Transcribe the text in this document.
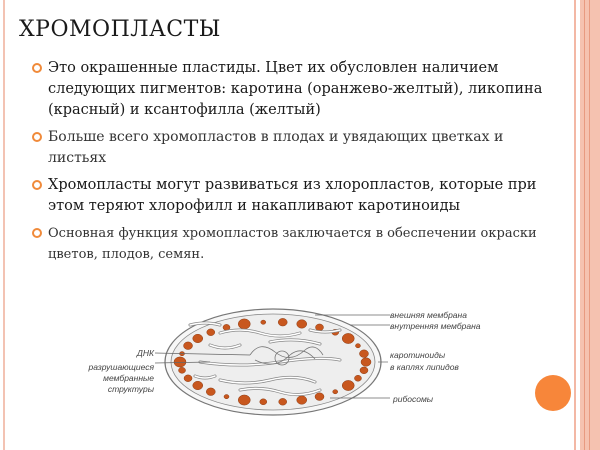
ХРОМОПЛАСТЫ
Это окрашенные пластиды. Цвет их обусловлен наличием следующих пигментов: каротина (оранжево-желтый), ликопина (красный) и ксантофилла (желтый)
Больше всего хромопластов в плодах и увядающих цветках и листьях
Хромопласты могут развиваться из хлоропластов, которые при этом теряют хлорофилл и накапливают каротиноиды
Основная функция хромопластов заключается в обеспечении окраски цветов, плодов, семян.
внешняя мембрана
внутренняя мембрана
каротиноиды
в каплях липидов
рибосомы
ДНК
разрушающиеся
мембранные
структуры
